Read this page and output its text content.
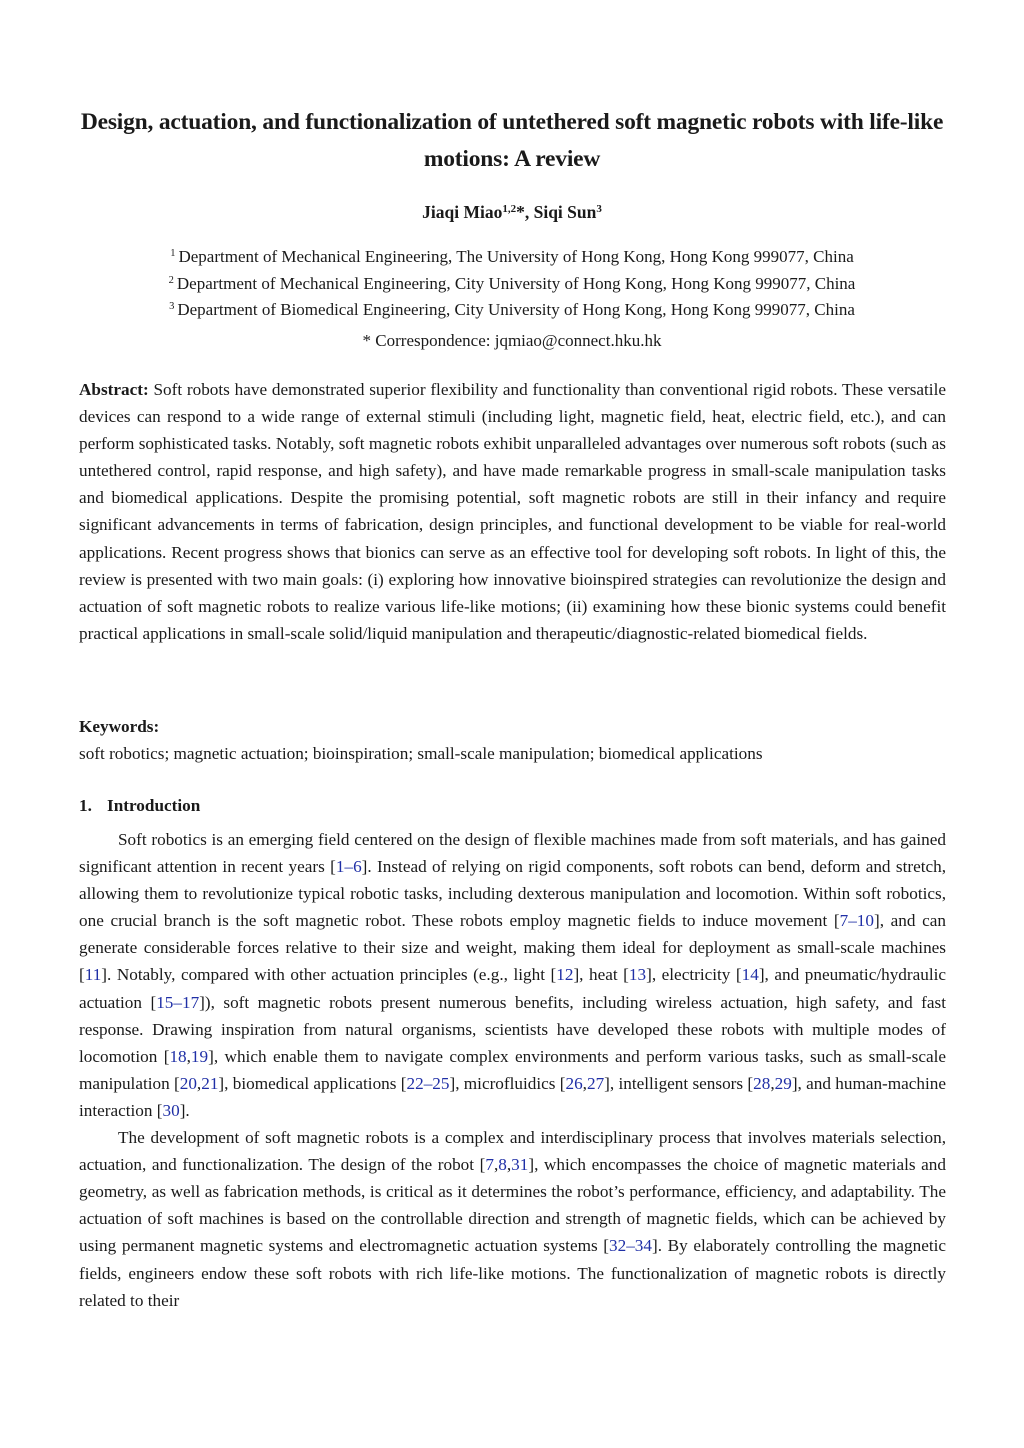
Design, actuation, and functionalization of untethered soft magnetic robots with life-like motions: A review
Jiaqi Miao$^{1,2}$*, Siqi Sun$^3$
$^1$ Department of Mechanical Engineering, The University of Hong Kong, Hong Kong 999077, China
$^2$ Department of Mechanical Engineering, City University of Hong Kong, Hong Kong 999077, China
$^3$ Department of Biomedical Engineering, City University of Hong Kong, Hong Kong 999077, China
* Correspondence: jqmiao@connect.hku.hk
Abstract: Soft robots have demonstrated superior flexibility and functionality than conventional rigid robots. These versatile devices can respond to a wide range of external stimuli (including light, magnetic field, heat, electric field, etc.), and can perform sophisticated tasks. Notably, soft magnetic robots exhibit unparalleled advantages over numerous soft robots (such as untethered control, rapid response, and high safety), and have made remarkable progress in small-scale manipulation tasks and biomedical applications. Despite the promising potential, soft magnetic robots are still in their infancy and require significant advancements in terms of fabrication, design principles, and functional development to be viable for real-world applications. Recent progress shows that bionics can serve as an effective tool for developing soft robots. In light of this, the review is presented with two main goals: (i) exploring how innovative bioinspired strategies can revolutionize the design and actuation of soft magnetic robots to realize various life-like motions; (ii) examining how these bionic systems could benefit practical applications in small-scale solid/liquid manipulation and therapeutic/diagnostic-related biomedical fields.
Keywords:
soft robotics; magnetic actuation; bioinspiration; small-scale manipulation; biomedical applications
1. Introduction

Soft robotics is an emerging field centered on the design of flexible machines made from soft materials, and has gained significant attention in recent years [1–6]. Instead of relying on rigid components, soft robots can bend, deform and stretch, allowing them to revolutionize typical robotic tasks, including dexterous manipulation and locomotion. Within soft robotics, one crucial branch is the soft magnetic robot. These robots employ magnetic fields to induce movement [7–10], and can generate considerable forces relative to their size and weight, making them ideal for deployment as small-scale machines [11]. Notably, compared with other actuation principles (e.g., light [12], heat [13], electricity [14], and pneumatic/hydraulic actuation [15–17]), soft magnetic robots present numerous benefits, including wireless actuation, high safety, and fast response. Drawing inspiration from natural organisms, scientists have developed these robots with multiple modes of locomotion [18,19], which enable them to navigate complex environments and perform various tasks, such as small-scale manipulation [20,21], biomedical applications [22–25], microfluidics [26,27], intelligent sensors [28,29], and human-machine interaction [30].

The development of soft magnetic robots is a complex and interdisciplinary process that involves materials selection, actuation, and functionalization. The design of the robot [7,8,31], which encompasses the choice of magnetic materials and geometry, as well as fabrication methods, is critical as it determines the robot’s performance, efficiency, and adaptability. The actuation of soft machines is based on the controllable direction and strength of magnetic fields, which can be achieved by using permanent magnetic systems and electromagnetic actuation systems [32–34]. By elaborately controlling the magnetic fields, engineers endow these soft robots with rich life-like motions. The functionalization of magnetic robots is directly related to their
